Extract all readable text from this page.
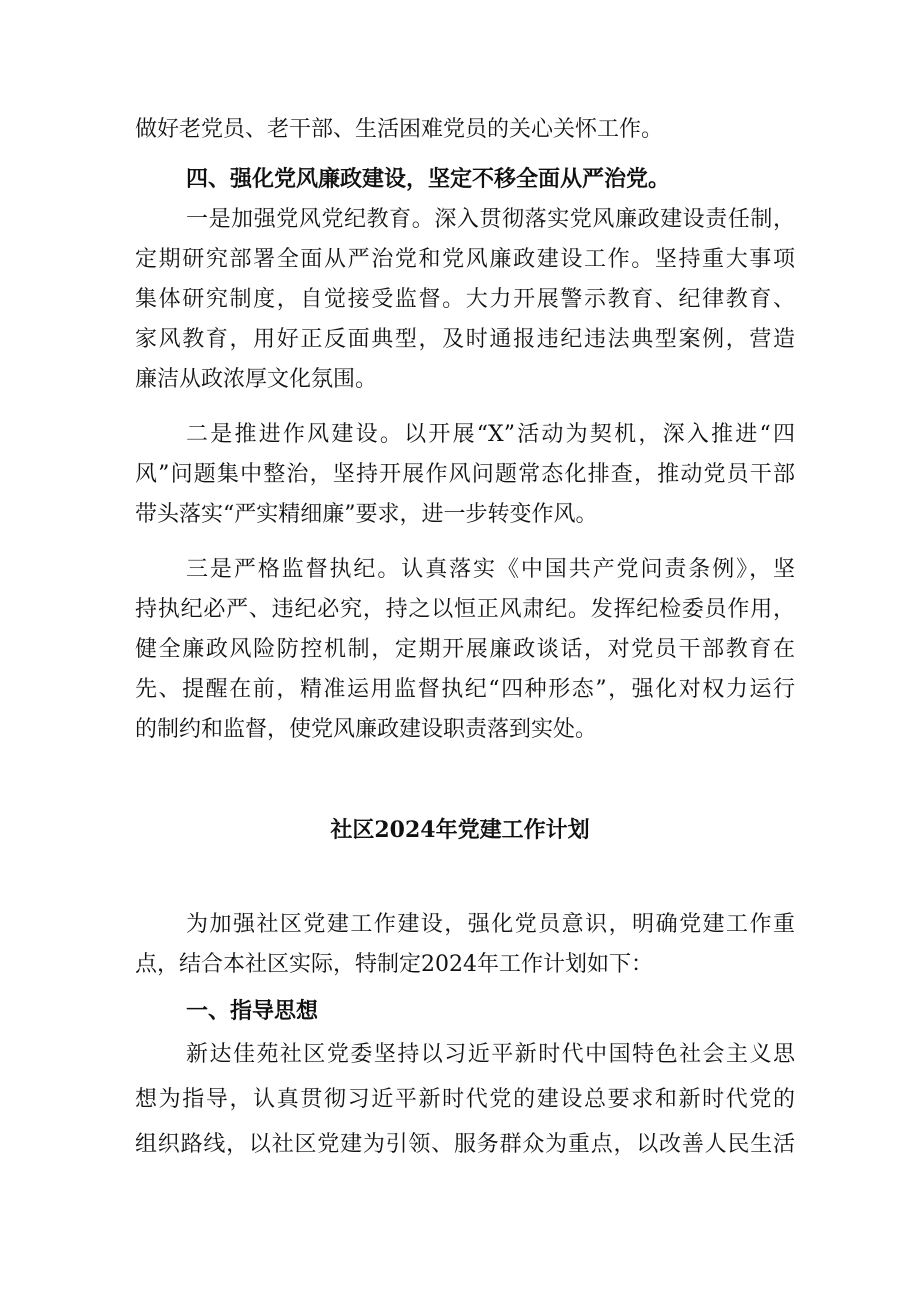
做好老党员、老干部、生活困难党员的关心关怀工作。
四、强化党风廉政建设，坚定不移全面从严治党。
一是加强党风党纪教育。深入贯彻落实党风廉政建设责任制，
定期研究部署全面从严治党和党风廉政建设工作。坚持重大事项
集体研究制度，自觉接受监督。大力开展警示教育、纪律教育、
家风教育，用好正反面典型，及时通报违纪违法典型案例，营造
廉洁从政浓厚文化氛围。
二是推进作风建设。以开展“X”活动为契机，深入推进“四
风”问题集中整治，坚持开展作风问题常态化排查，推动党员干部
带头落实“严实精细廉”要求，进一步转变作风。
三是严格监督执纪。认真落实《中国共产党问责条例》，坚
持执纪必严、违纪必究，持之以恒正风肃纪。发挥纪检委员作用，
健全廉政风险防控机制，定期开展廉政谈话，对党员干部教育在
先、提醒在前，精准运用监督执纪“四种形态”，强化对权力运行
的制约和监督，使党风廉政建设职责落到实处。
社区2024年党建工作计划
为加强社区党建工作建设，强化党员意识，明确党建工作重
点，结合本社区实际，特制定2024年工作计划如下：
一、指导思想
新达佳苑社区党委坚持以习近平新时代中国特色社会主义思
想为指导，认真贯彻习近平新时代党的建设总要求和新时代党的
组织路线，以社区党建为引领、服务群众为重点，以改善人民生活
